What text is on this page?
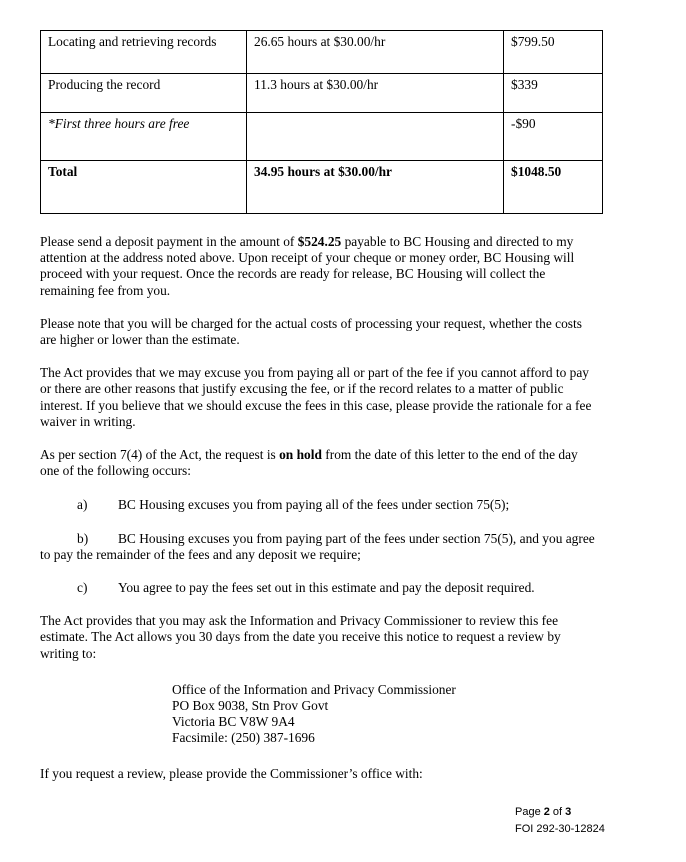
Locating and retrieving records	26.65 hours at $30.00/hr	$799.50
Producing the record	11.3 hours at $30.00/hr	$339
*First three hours are free		-$90
Total	34.95 hours at $30.00/hr	$1048.50

Please send a deposit payment in the amount of $524.25 payable to BC Housing and directed to my attention at the address noted above. Upon receipt of your cheque or money order, BC Housing will proceed with your request. Once the records are ready for release, BC Housing will collect the remaining fee from you.

Please note that you will be charged for the actual costs of processing your request, whether the costs are higher or lower than the estimate.

The Act provides that we may excuse you from paying all or part of the fee if you cannot afford to pay or there are other reasons that justify excusing the fee, or if the record relates to a matter of public interest. If you believe that we should excuse the fees in this case, please provide the rationale for a fee waiver in writing.

As per section 7(4) of the Act, the request is on hold from the date of this letter to the end of the day one of the following occurs:

a) BC Housing excuses you from paying all of the fees under section 75(5);

b) BC Housing excuses you from paying part of the fees under section 75(5), and you agree to pay the remainder of the fees and any deposit we require;

c) You agree to pay the fees set out in this estimate and pay the deposit required.

The Act provides that you may ask the Information and Privacy Commissioner to review this fee estimate. The Act allows you 30 days from the date you receive this notice to request a review by writing to:

Office of the Information and Privacy Commissioner

PO Box 9038, Stn Prov Govt

Victoria BC V8W 9A4

Facsimile: (250) 387-1696

If you request a review, please provide the Commissioner’s office with:

Page 2 of 3
FOI 292-30-12824
